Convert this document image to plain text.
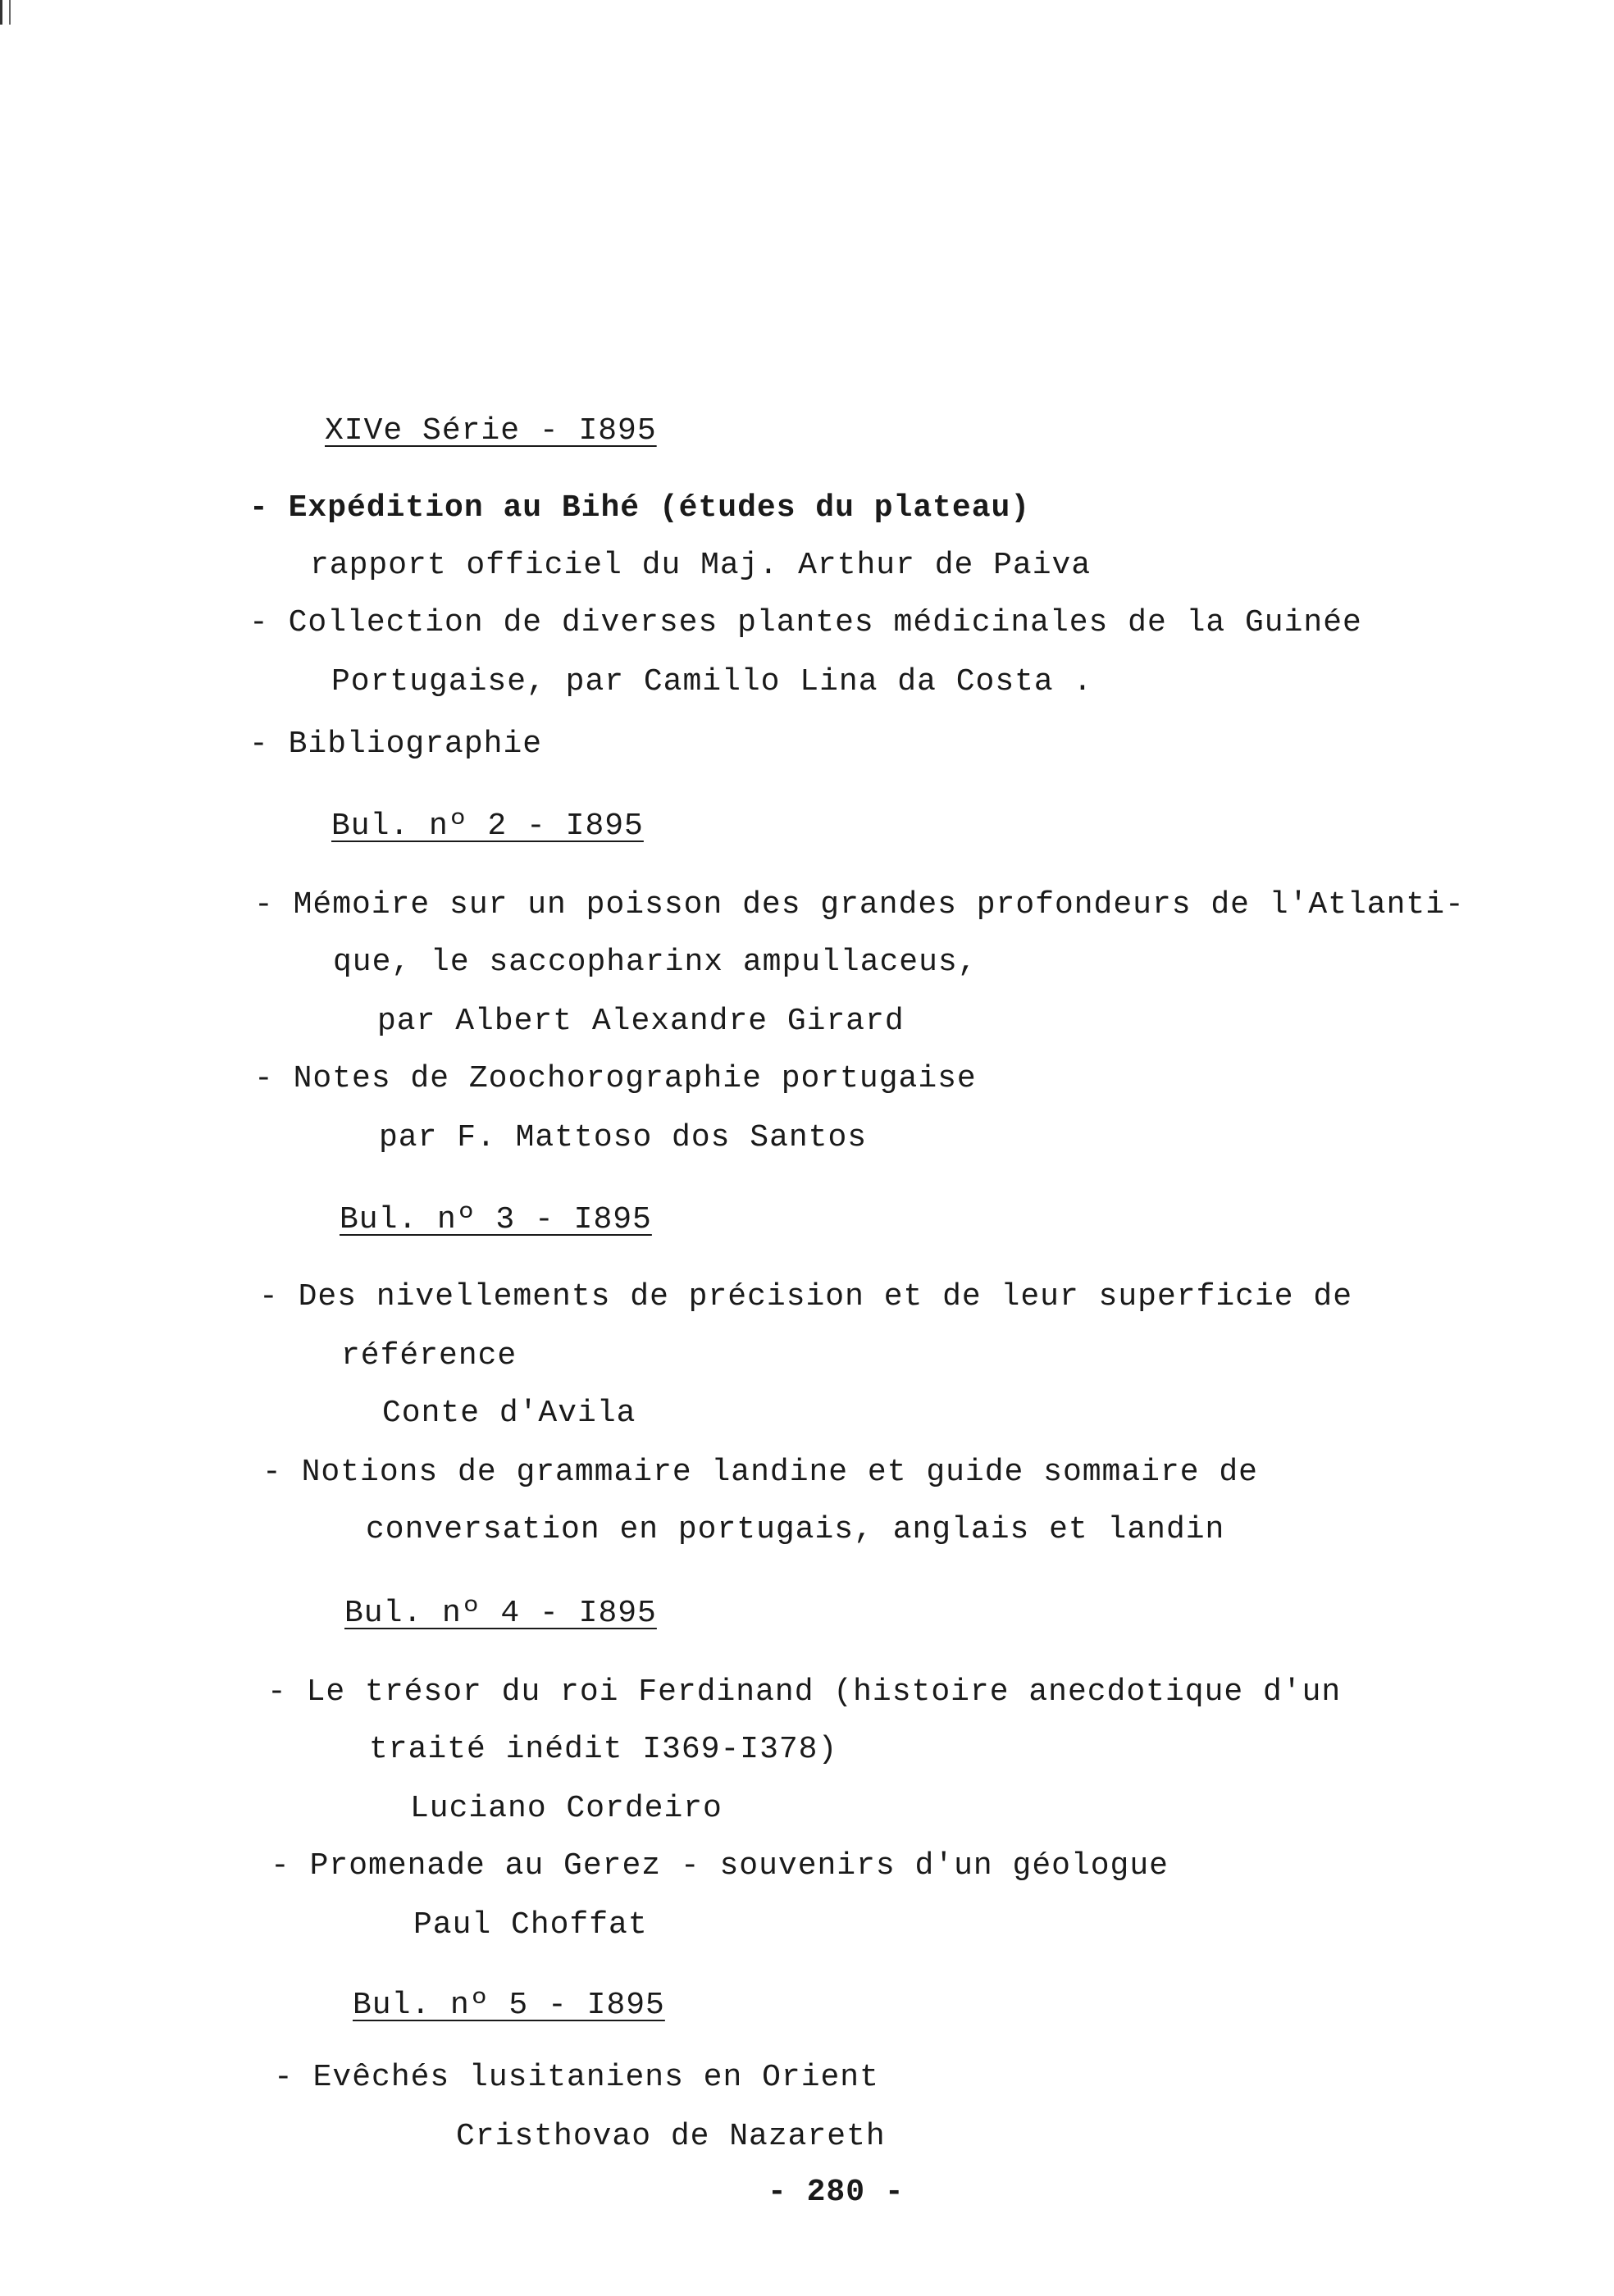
XIVe Série - I895
- Expédition au Bihé (études du plateau)
rapport officiel du Maj. Arthur de Paiva
- Collection de diverses plantes médicinales de la Guinée
Portugaise, par Camillo Lina da Costa .
- Bibliographie
Bul. nº 2 - I895
- Mémoire sur un poisson des grandes profondeurs de l'Atlanti-
que, le saccopharinx ampullaceus,
par Albert Alexandre Girard
- Notes de Zoochorographie portugaise
par F. Mattoso dos Santos
Bul. nº 3 - I895
- Des nivellements de précision et de leur superficie de
référence
Conte d'Avila
- Notions de grammaire landine et guide sommaire de
conversation en portugais, anglais et landin
Bul. nº 4 - I895
- Le trésor du roi Ferdinand (histoire anecdotique d'un
traité inédit I369-I378)
Luciano Cordeiro
- Promenade au Gerez - souvenirs d'un géologue
Paul Choffat
Bul. nº 5 - I895
- Evêchés lusitaniens en Orient
Cristhovao de Nazareth
- 280 -
